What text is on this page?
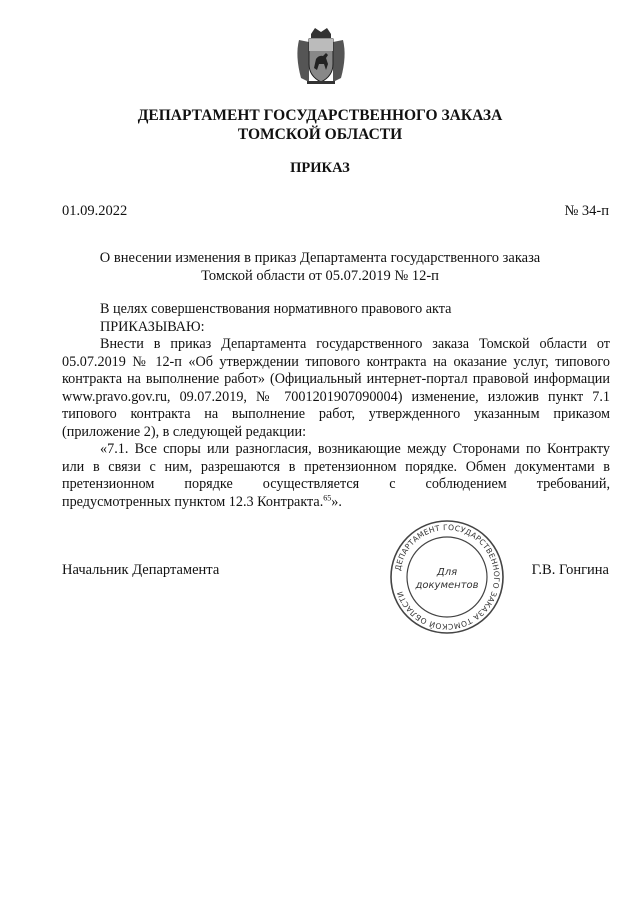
ДЕПАРТАМЕНТ ГОСУДАРСТВЕННОГО ЗАКАЗА
ТОМСКОЙ ОБЛАСТИ
ПРИКАЗ
01.09.2022	№ 34-п
О внесении изменения в приказ Департамента государственного заказа
Томской области от 05.07.2019 № 12-п

В целях совершенствования нормативного правового акта

ПРИКАЗЫВАЮ:

Внести в приказ Департамента государственного заказа Томской области от 05.07.2019 № 12-п «Об утверждении типового контракта на оказание услуг, типового контракта на выполнение работ» (Официальный интернет-портал правовой информации www.pravo.gov.ru, 09.07.2019, № 7001201907090004) изменение, изложив пункт 7.1 типового контракта на выполнение работ, утвержденного указанным приказом (приложение 2), в следующей редакции:

«7.1. Все споры или разногласия, возникающие между Сторонами по Контракту или в связи с ним, разрешаются в претензионном порядке. Обмен документами в претензионном порядке осуществляется с соблюдением требований,

предусмотренных пунктом 12.3 Контракта.$^{65}$».

Начальник Департамента	Г.В. Гонгина
ДЕПАРТАМЕНТ ГОСУДАРСТВЕННОГО ЗАКАЗА ТОМСКОЙ ОБЛАСТИ
Для
документов
